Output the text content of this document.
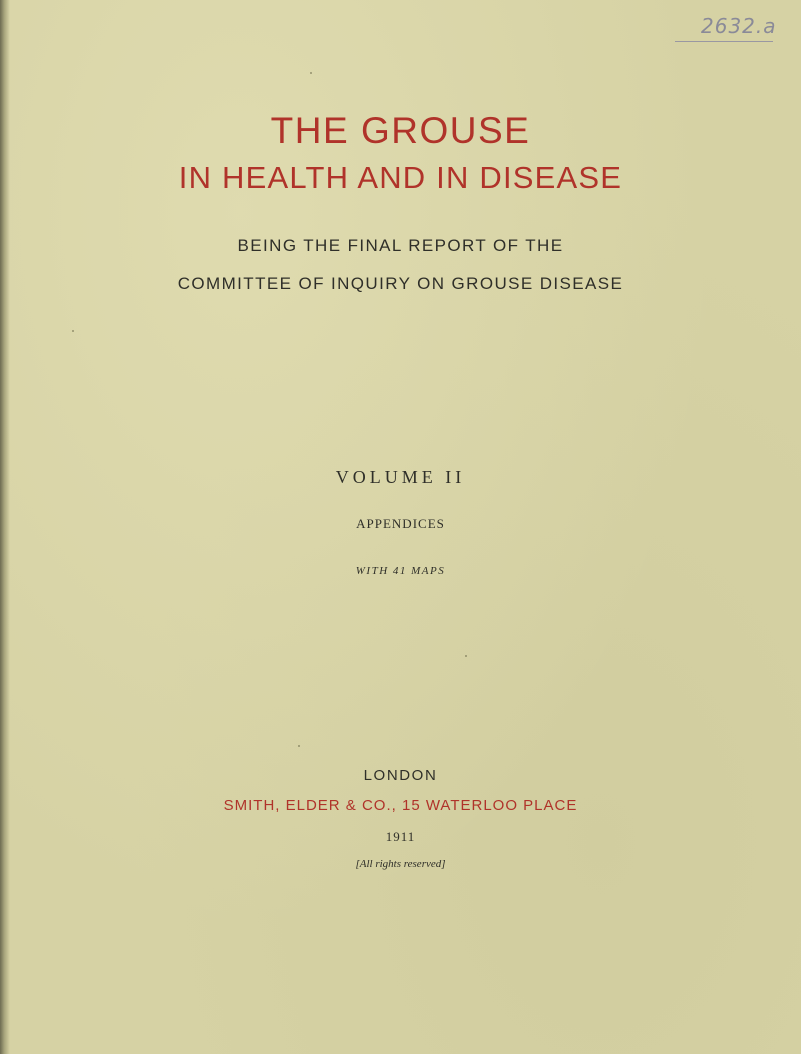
2632.a
THE GROUSE
IN HEALTH AND IN DISEASE
BEING THE FINAL REPORT OF THE
COMMITTEE OF INQUIRY ON GROUSE DISEASE
VOLUME II
APPENDICES
WITH 41 MAPS
LONDON
SMITH, ELDER & CO., 15 WATERLOO PLACE
1911
[All rights reserved]
